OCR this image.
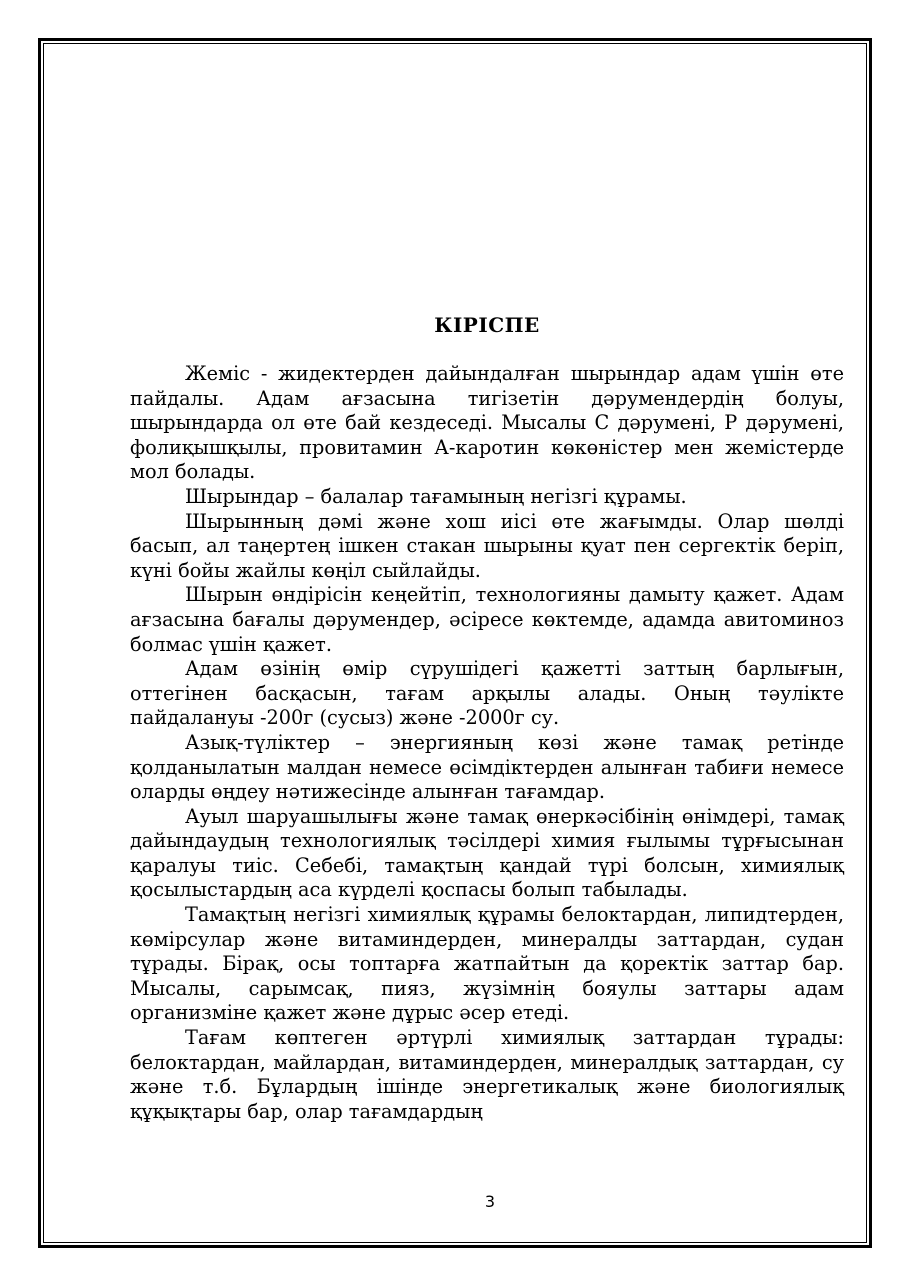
КІРІСПЕ

Жеміс - жидектерден дайындалған шырындар адам үшін өте пайдалы. Адам ағзасына тигізетін дәрумендердің болуы, шырындарда ол өте бай кездеседі. Мысалы С дәрумені, Р дәрумені, фолиқышқылы, провитамин А-каротин көкөністер мен жемістерде мол болады.

Шырындар – балалар тағамының негізгі құрамы.

Шырынның дәмі және хош иісі өте жағымды. Олар шөлді басып, ал таңертең ішкен стакан шырыны қуат пен сергектік беріп, күні бойы жайлы көңіл сыйлайды.

Шырын өндірісін кеңейтіп, технологияны дамыту қажет. Адам ағзасына бағалы дәрумендер, әсіресе көктемде, адамда авитоминоз болмас үшін қажет.

Адам өзінің өмір сүрушідегі қажетті заттың барлығын, оттегінен басқасын, тағам арқылы алады. Оның тәулікте пайдалануы -200г (сусыз) және -2000г су.

Азық-түліктер – энергияның көзі және тамақ ретінде қолданылатын малдан немесе өсімдіктерден алынған табиғи немесе оларды өңдеу нәтижесінде алынған тағамдар.

Ауыл шаруашылығы және тамақ өнеркәсібінің өнімдері, тамақ дайындаудың технологиялық тәсілдері химия ғылымы тұрғысынан қаралуы тиіс. Себебі, тамақтың қандай түрі болсын, химиялық қосылыстардың аса күрделі қоспасы болып табылады.

Тамақтың негізгі химиялық құрамы белоктардан, липидтерден, көмірсулар және витаминдерден, минералды заттардан, судан тұрады. Бірақ, осы топтарға жатпайтын да қоректік заттар бар. Мысалы, сарымсақ, пияз, жүзімнің бояулы заттары адам организміне қажет және дұрыс әсер етеді.

Тағам көптеген әртүрлі химиялық заттардан тұрады: белоктардан, майлардан, витаминдерден, минералдық заттардан, су және т.б. Бұлардың ішінде энергетикалық және биологиялық құқықтары бар, олар тағамдардың

3
